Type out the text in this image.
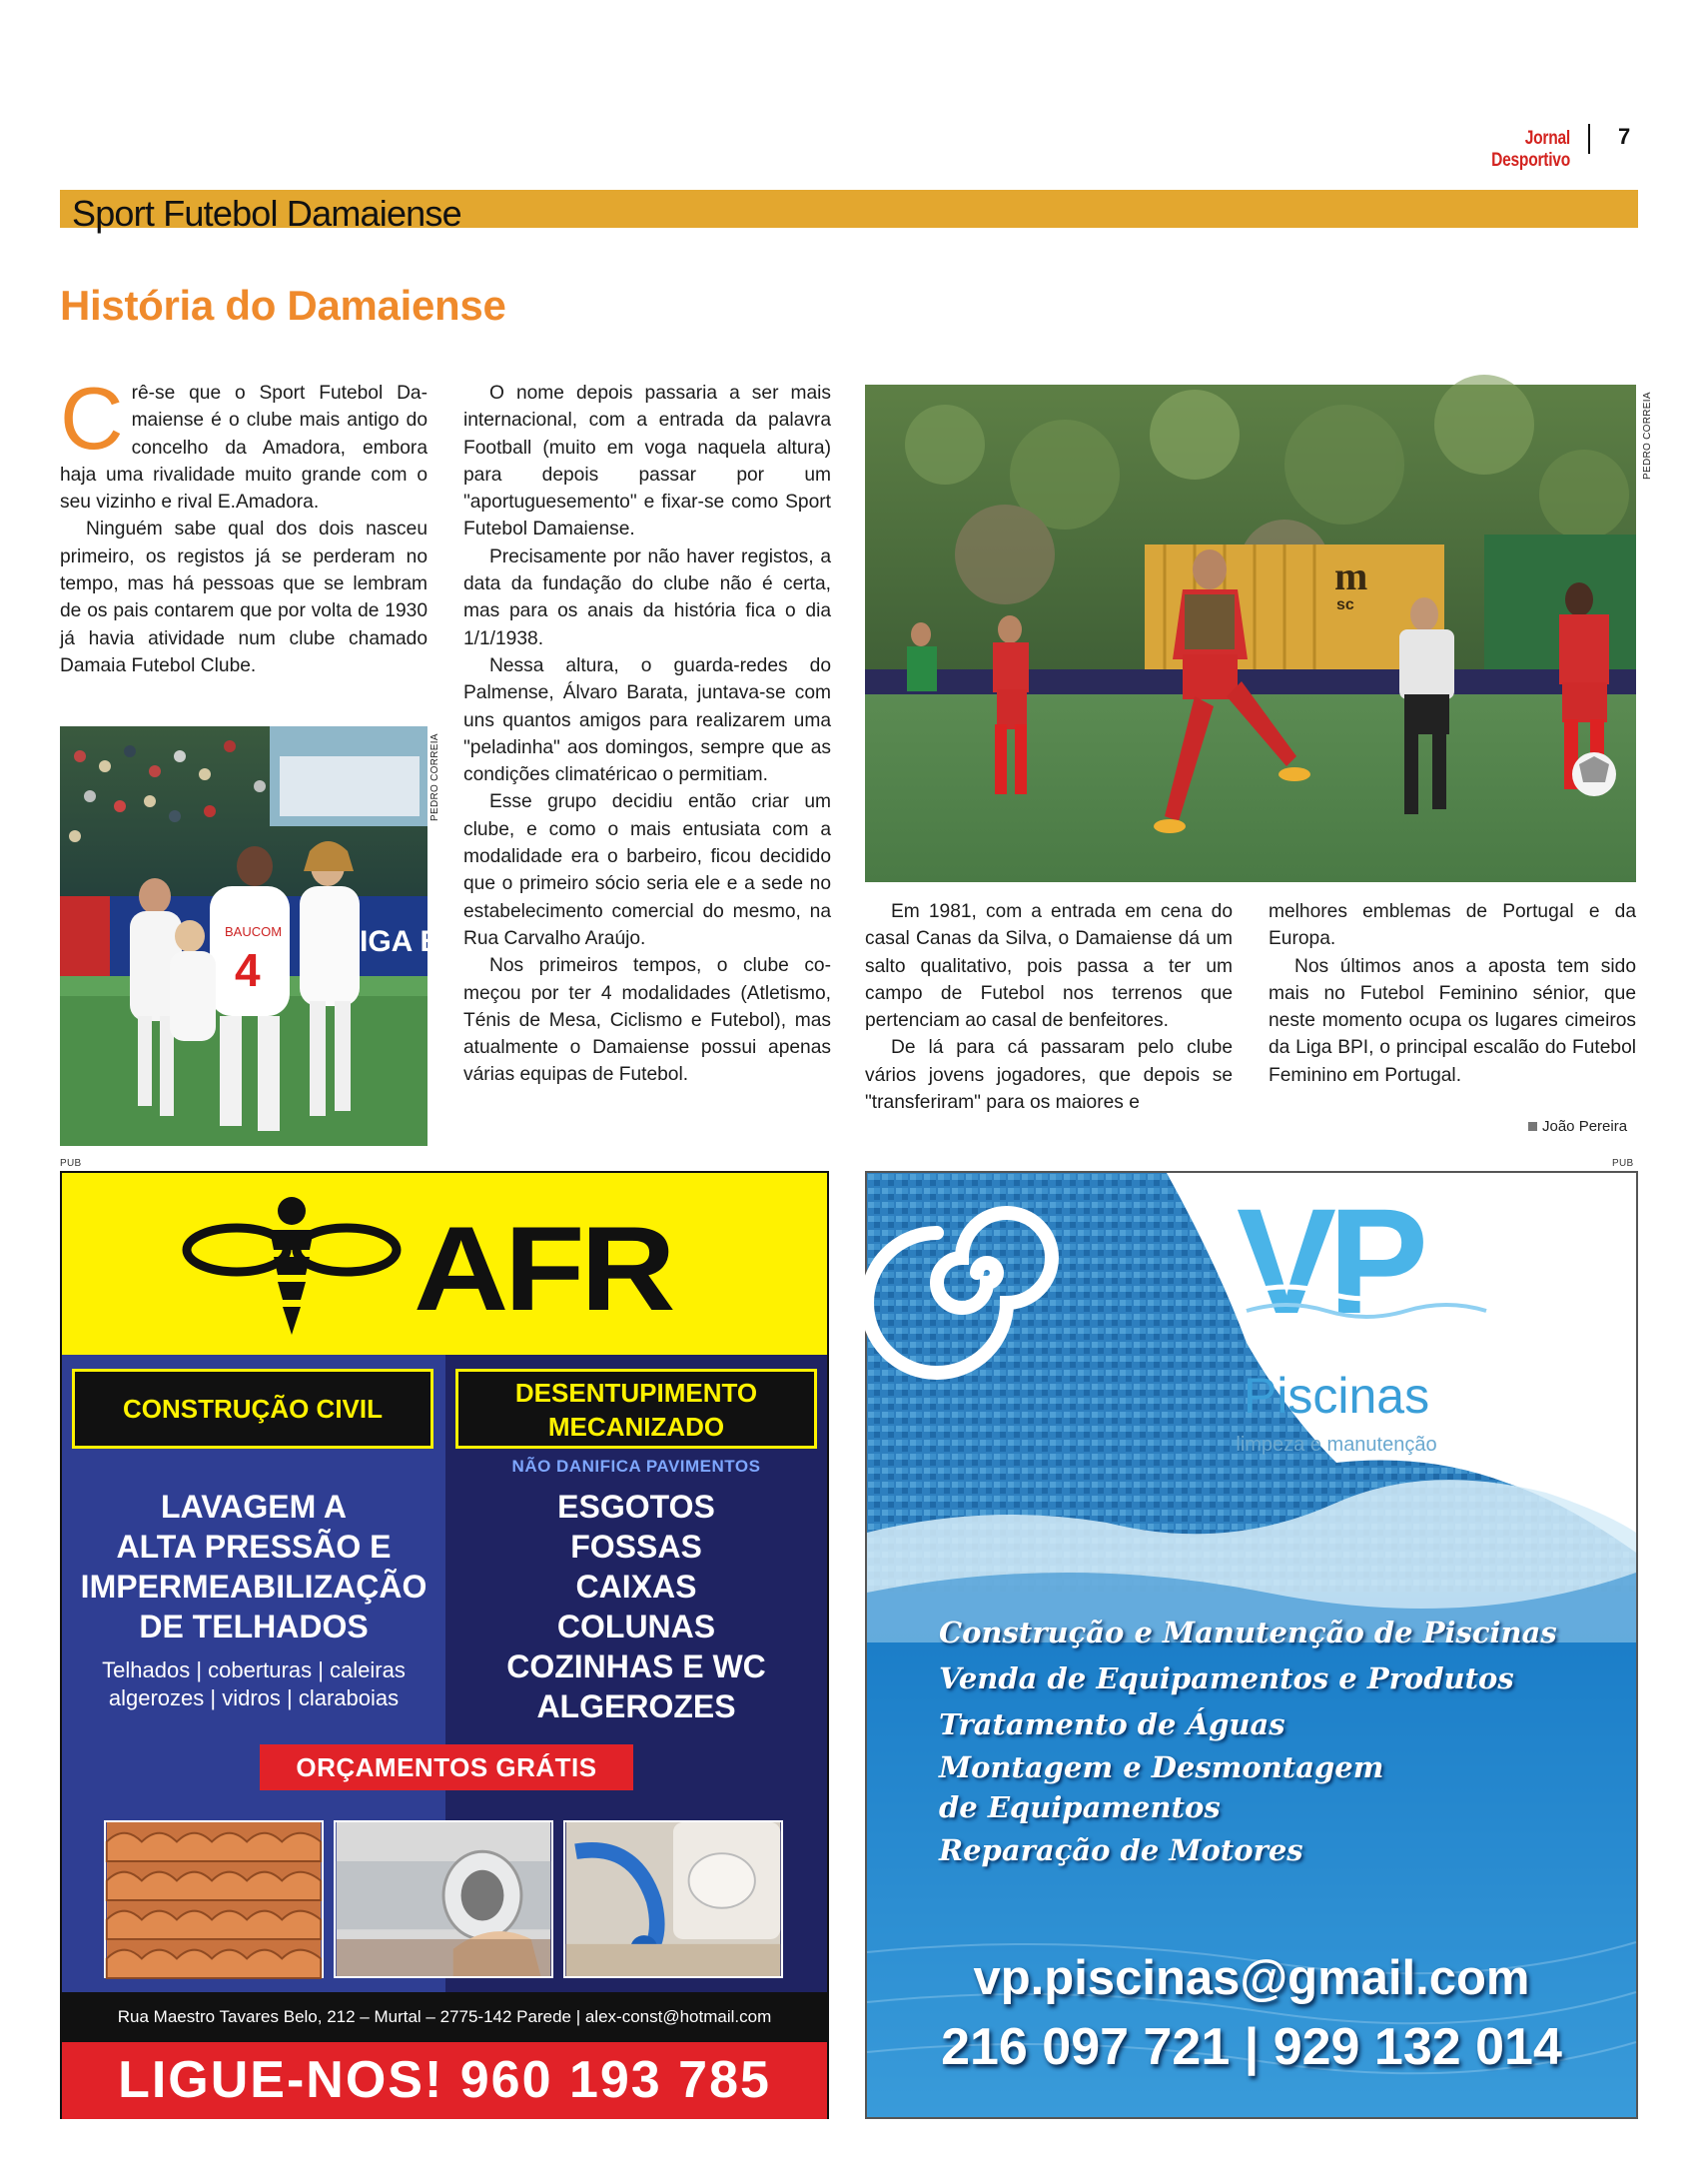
Jornal Desportivo
7
Sport Futebol Damaiense
História do Damaiense

Crê-se que o Sport Futebol Damaiense é o clube mais antigo do concelho da Amadora, embora haja uma rivalidade muito grande com o seu vizinho e rival E.Amadora.

Ninguém sabe qual dos dois nasceu primeiro, os registos já se perderam no tempo, mas há pessoas que se lembram de os pais contarem que por volta de 1930 já havia atividade num clube chamado Damaia Futebol Clube.

IGA B
BAUCOM
4
PEDRO CORREIA

O nome depois passaria a ser mais internacional, com a entrada da palavra Football (muito em voga naquela altura) para depois passar por um "aportuguesemento" e fixar-se como Sport Futebol Damaiense.

Precisamente por não haver registos, a data da fundação do clube não é certa, mas para os anais da história fica o dia 1/1/1938.

Nessa altura, o guarda-redes do Palmense, Álvaro Barata, juntava-se com uns quantos amigos para realizarem uma "peladinha" aos domingos, sempre que as condições climatéricao o permitiam.

Esse grupo decidiu então criar um clube, e como o mais entusiata com a modalidade era o barbeiro, ficou decidido que o primeiro sócio seria ele e a sede no estabelecimento comercial do mesmo, na Rua Carvalho Araújo.

Nos primeiros tempos, o clube começou por ter 4 modalidades (Atletismo, Ténis de Mesa, Ciclismo e Futebol), mas atualmente o Damaiense possui apenas várias equipas de Futebol.

m
sc
PEDRO CORREIA

Em 1981, com a entrada em cena do casal Canas da Silva, o Damaiense dá um salto qualitativo, pois passa a ter um campo de Futebol nos terrenos que pertenciam ao casal de benfeitores.

De lá para cá passaram pelo clube vários jovens jogadores, que depois se "transferiram" para os maiores e

melhores emblemas de Portugal e da Europa.

Nos últimos anos a aposta tem sido mais no Futebol Feminino sénior, que neste momento ocupa os lugares cimeiros da Liga BPI, o principal escalão do Futebol Feminino em Portugal.

João Pereira
PUB	PUB
AFR
CONSTRUÇÃO CIVIL
DESENTUPIMENTO
MECANIZADO
NÃO DANIFICA PAVIMENTOS
LAVAGEM A
ALTA PRESSÃO E
IMPERMEABILIZAÇÃO
DE TELHADOS
Telhados | coberturas | caleiras
algerozes | vidros | claraboias
ESGOTOS
FOSSAS
CAIXAS
COLUNAS
COZINHAS E WC
ALGEROZES
ORÇAMENTOS GRÁTIS
Rua Maestro Tavares Belo, 212 – Murtal – 2775-142 Parede | alex-const@hotmail.com
LIGUE-NOS! 960 193 785
VP
Piscinas
limpeza e manutenção
Construção e Manutenção de Piscinas
Venda de Equipamentos e Produtos
Tratamento de Águas
Montagem e Desmontagem
de Equipamentos
Reparação de Motores
vp.piscinas@gmail.com
216 097 721 | 929 132 014
